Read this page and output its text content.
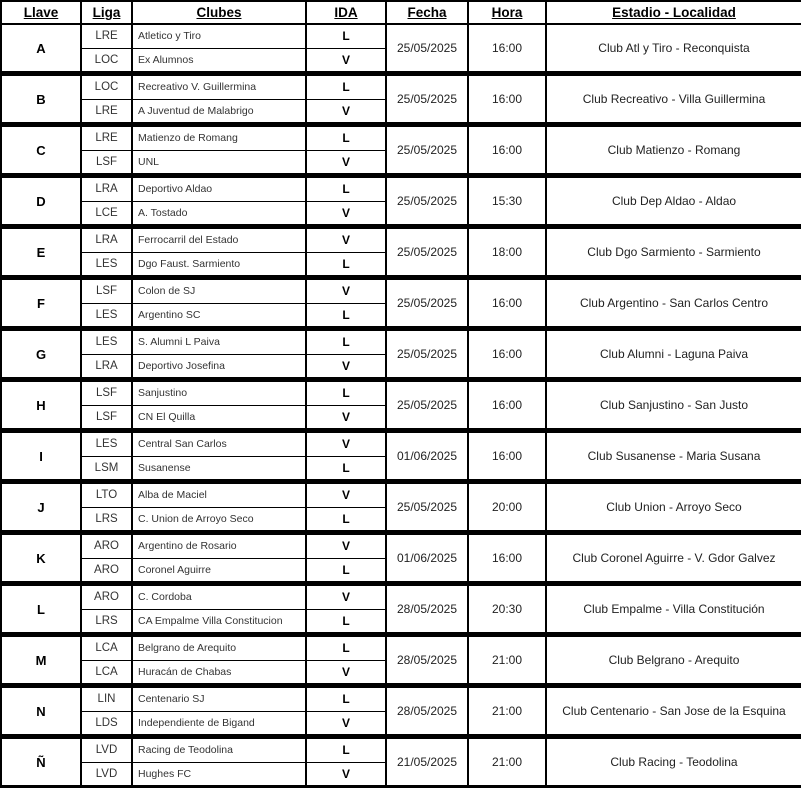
Llave	Liga	Clubes	IDA	Fecha	Hora	Estadio - Localidad
A	LRE	Atletico y Tiro	L	25/05/2025	16:00	Club Atl y Tiro - Reconquista
	LOC	Ex Alumnos	V			
B	LOC	Recreativo V. Guillermina	L	25/05/2025	16:00	Club Recreativo - Villa Guillermina
	LRE	A Juventud de Malabrigo	V			
C	LRE	Matienzo de Romang	L	25/05/2025	16:00	Club Matienzo - Romang
	LSF	UNL	V			
D	LRA	Deportivo Aldao	L	25/05/2025	15:30	Club Dep Aldao - Aldao
	LCE	A. Tostado	V			
E	LRA	Ferrocarril del Estado	V	25/05/2025	18:00	Club Dgo Sarmiento - Sarmiento
	LES	Dgo Faust. Sarmiento	L			
F	LSF	Colon de SJ	V	25/05/2025	16:00	Club Argentino - San Carlos Centro
	LES	Argentino SC	L			
G	LES	S. Alumni L Paiva	L	25/05/2025	16:00	Club Alumni - Laguna Paiva
	LRA	Deportivo Josefina	V			
H	LSF	Sanjustino	L	25/05/2025	16:00	Club Sanjustino - San Justo
	LSF	CN El Quilla	V			
I	LES	Central San Carlos	V	01/06/2025	16:00	Club Susanense - Maria Susana
	LSM	Susanense	L			
J	LTO	Alba de Maciel	V	25/05/2025	20:00	Club Union - Arroyo Seco
	LRS	C. Union de Arroyo Seco	L			
K	ARO	Argentino de Rosario	V	01/06/2025	16:00	Club Coronel Aguirre - V. Gdor Galvez
	ARO	Coronel Aguirre	L			
L	ARO	C. Cordoba	V	28/05/2025	20:30	Club Empalme - Villa Constitución
	LRS	CA Empalme Villa Constitucion	L			
M	LCA	Belgrano de Arequito	L	28/05/2025	21:00	Club Belgrano - Arequito
	LCA	Huracán de Chabas	V			
N	LIN	Centenario SJ	L	28/05/2025	21:00	Club Centenario - San Jose de la Esquina
	LDS	Independiente de Bigand	V			
Ñ	LVD	Racing de Teodolina	L	21/05/2025	21:00	Club Racing - Teodolina
	LVD	Hughes FC	V			
